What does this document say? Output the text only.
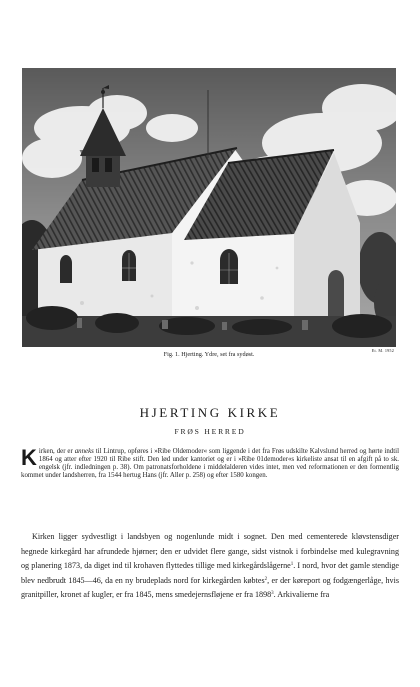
Fig. 1. Hjerting. Ydre, set fra sydøst.
Et. M. 1952
HJERTING KIRKE
FRØS HERRED
Kirken, der er anneks til Lintrup, opføres i »Ribe Oldemoder« som liggende i det fra Frøs udskilte Kalvslund herred og hørte indtil 1864 og atter efter 1920 til Ribe stift. Den lød under kantoriet og er i »Ribe 01demoder«s kirkeliste ansat til en afgift på to sk. engelsk (jfr. indledningen p. 38). Om patronatsforholdene i middelalderen vides intet, men ved reformationen er den formentlig kommet under landsherren, fra 1544 hertug Hans (jfr. Aller p. 258) og efter 1580 kongen.
Kirken ligger sydvestligt i landsbyen og nogenlunde midt i sognet. Den med cementerede kløvstensdiger hegnede kirkegård har afrundede hjørner; den er udvidet flere gange, sidst vistnok i forbindelse med kulegravning og planering 1873, da diget ind til krohaven flyttedes tillige med kirkegårdslågerne$^1$. I nord, hvor det gamle stendige blev nedbrudt 1845—46, da en ny brudeplads nord for kirkegården købtes$^2$, er der køreport og fodgængerlåge, hvis granitpiller, kronet af kugler, er fra 1845, mens smedejernsfløjene er fra 1898$^3$. Arkivalierne fra
